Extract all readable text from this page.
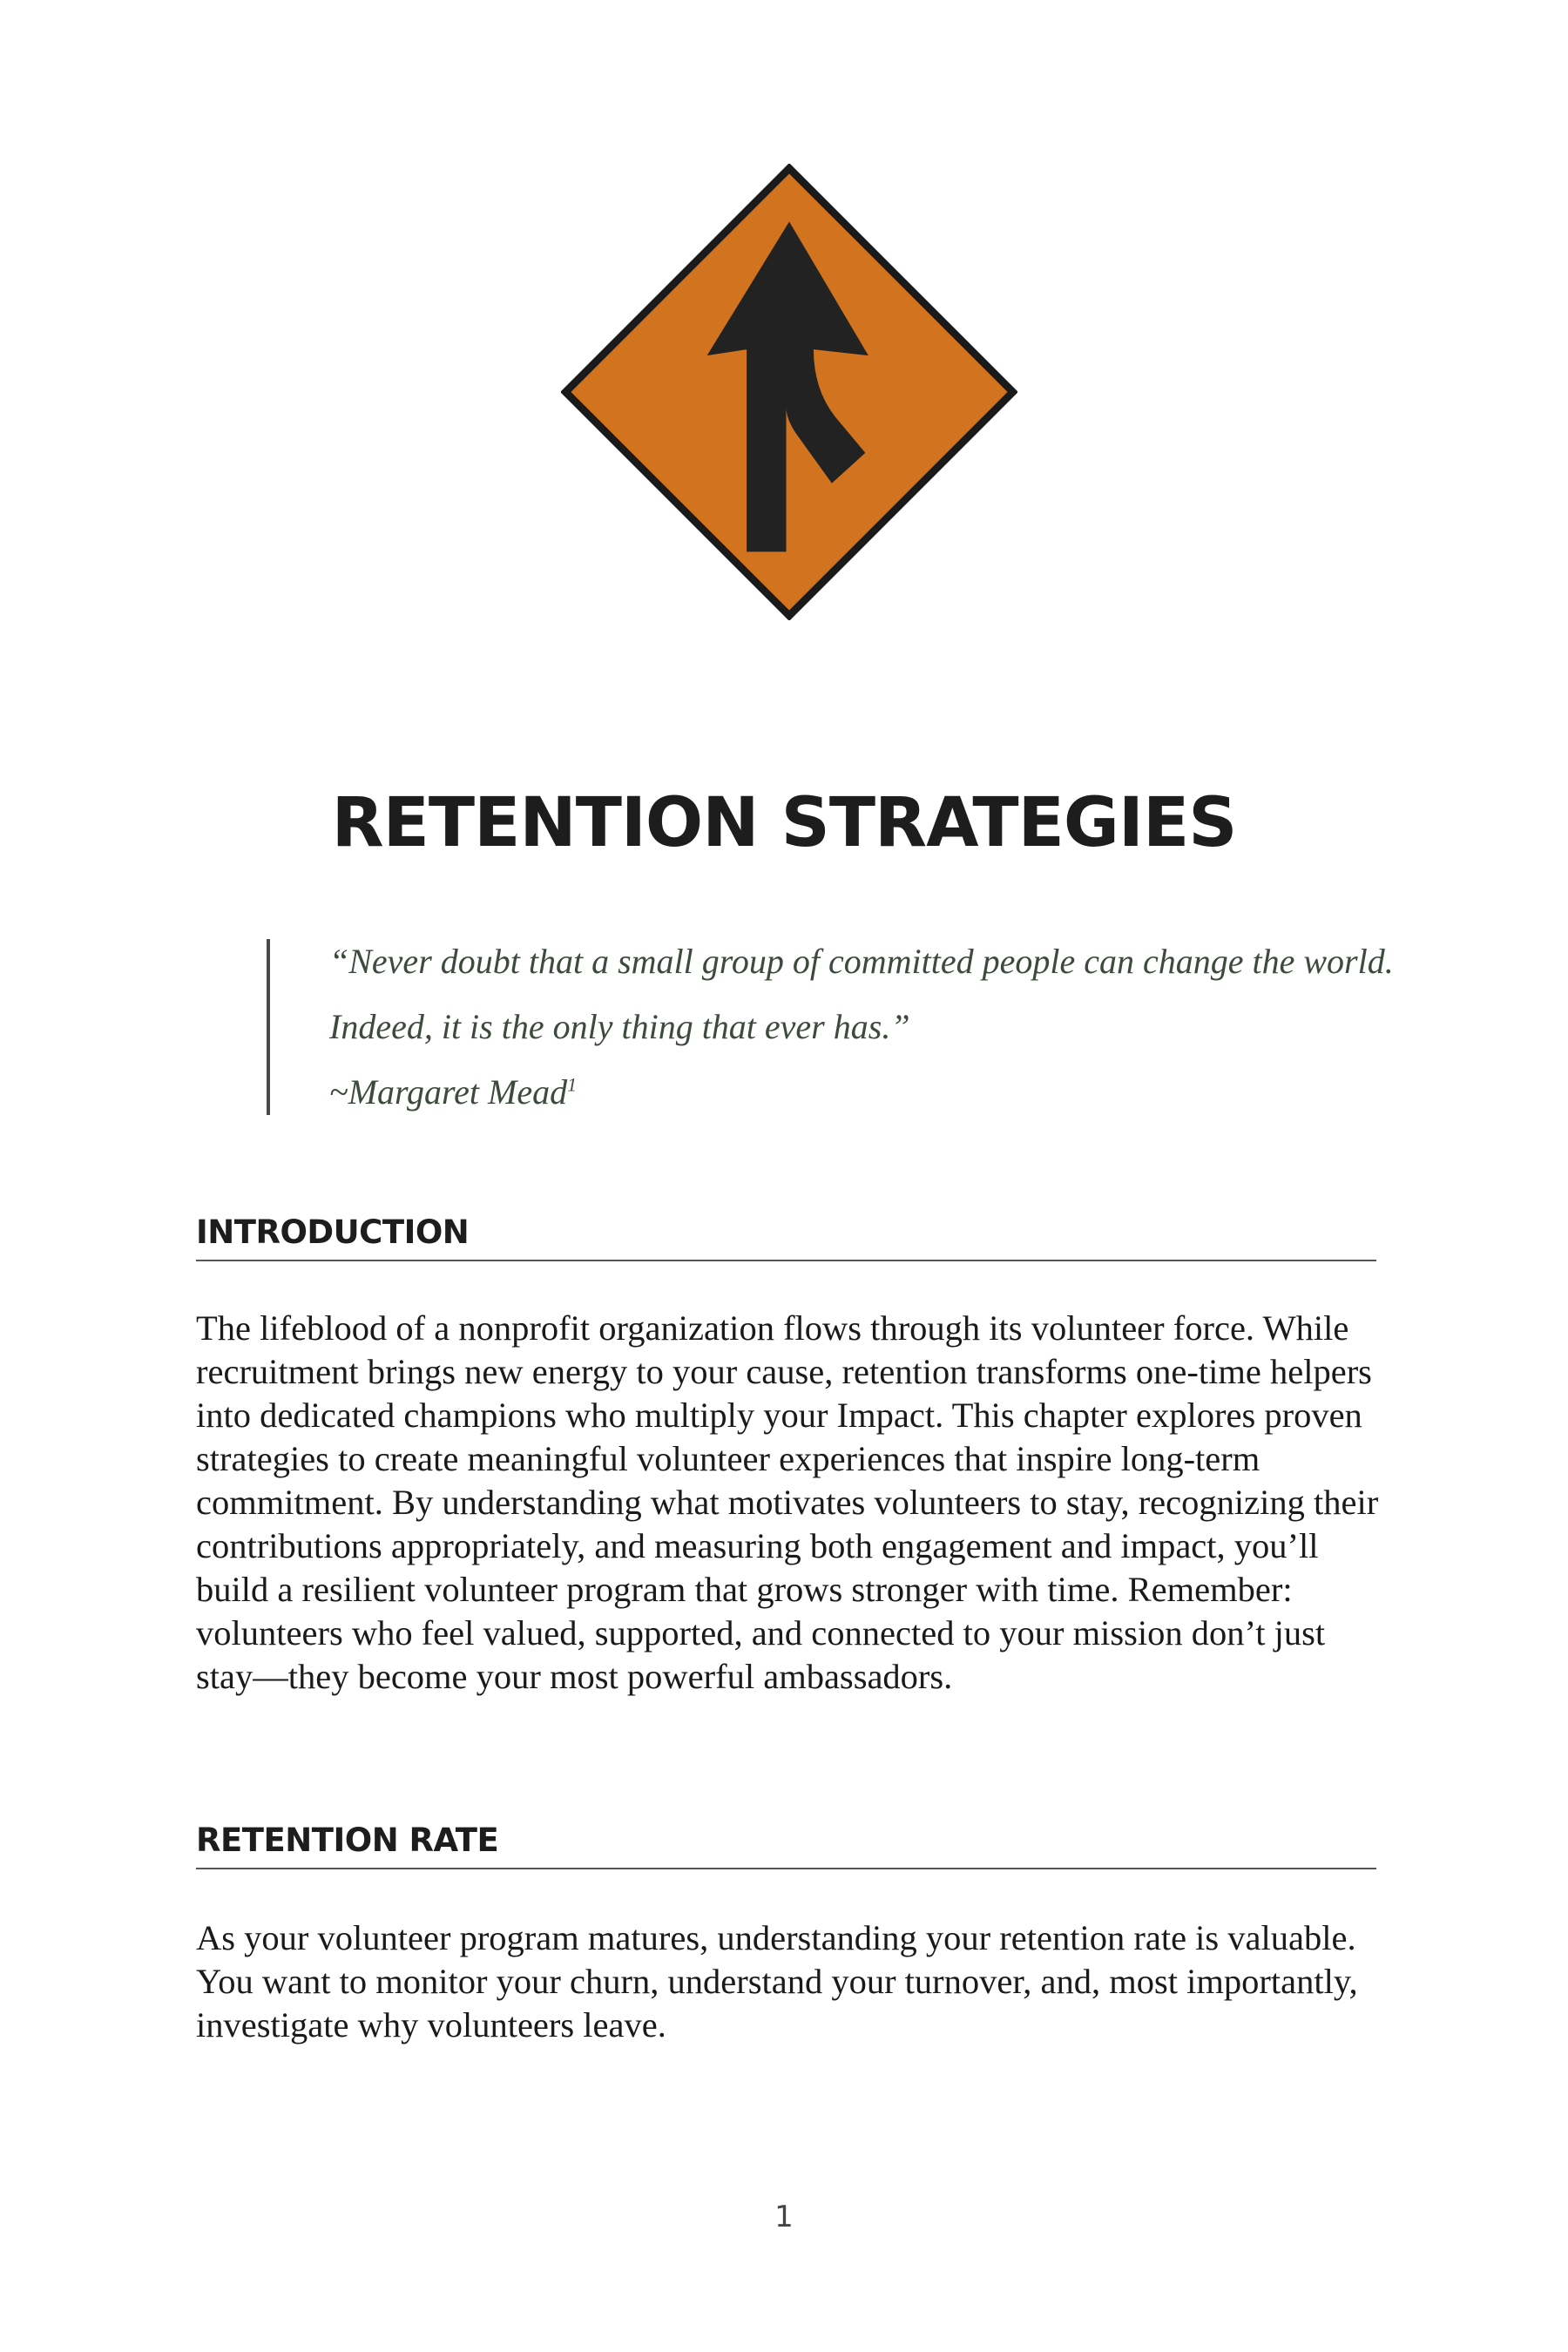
RETENTION STRATEGIES

“Never doubt that a small group of committed people can change the world. Indeed, it is the only thing that ever has.”
~Margaret Mead$^1$

INTRODUCTION

The lifeblood of a nonprofit organization flows through its volunteer force. While recruitment brings new energy to your cause, retention transforms one-time helpers into dedicated champions who multiply your Impact. This chapter explores proven strategies to create meaningful volunteer experiences that inspire long-term commitment. By understanding what motivates volunteers to stay, recognizing their contributions appropriately, and measuring both engagement and impact, you’ll build a resilient volunteer program that grows stronger with time. Remember: volunteers who feel valued, supported, and connected to your mission don’t just stay—they become your most powerful ambassadors.

RETENTION RATE

As your volunteer program matures, understanding your retention rate is valuable. You want to monitor your churn, understand your turnover, and, most importantly, investigate why volunteers leave.

1
